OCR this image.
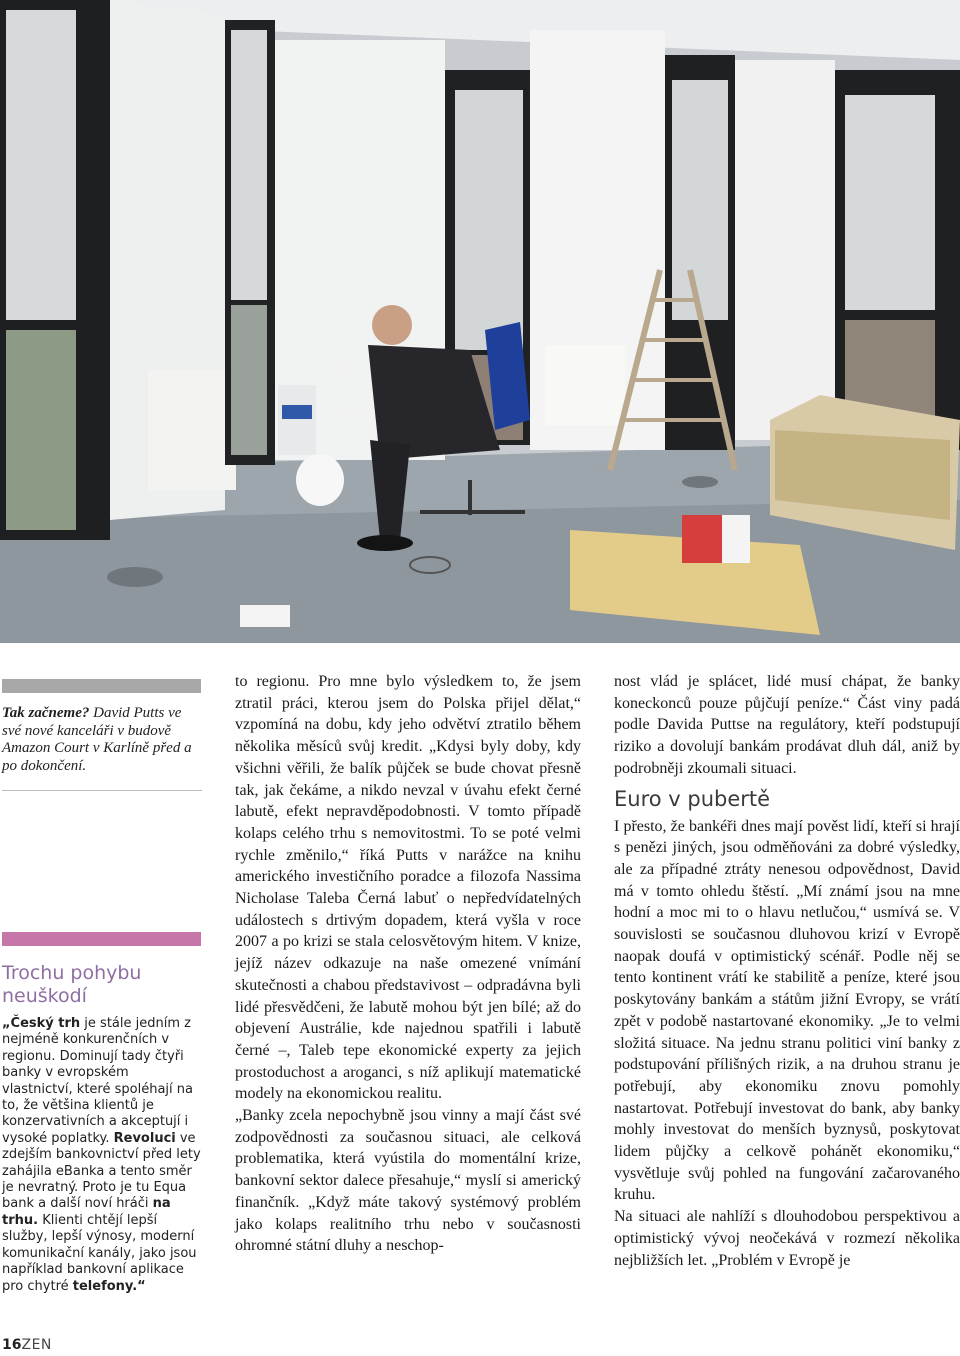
Tak začneme? David Putts ve své nové kanceláři v budově Amazon Court v Karlíně před a po dokončení.
Trochu pohybu neuškodí
„Český trh je stále jedním z nejméně konkurenčních v regionu. Dominují tady čtyři banky v evropském vlastnictví, které spoléhají na to, že většina klientů je konzervativních a akceptují i vysoké poplatky. Revoluci ve zdejším bankovnictví před lety zahájila eBanka a tento směr je nevratný. Proto je tu Equa bank a další noví hráči na trhu. Klienti chtějí lepší služby, lepší výnosy, moderní komunikační kanály, jako jsou například bankovní aplikace pro chytré telefony.“

to regionu. Pro mne bylo výsledkem to, že jsem ztratil práci, kterou jsem do Polska přijel dělat,“ vzpomíná na dobu, kdy jeho odvětví ztratilo během několika měsíců svůj kredit. „Kdysi byly doby, kdy všichni věřili, že balík půjček se bude chovat přesně tak, jak čekáme, a nikdo nevzal v úvahu efekt černé labutě, efekt nepravděpodobnosti. V tomto případě kolaps celého trhu s nemovitostmi. To se poté velmi rychle změnilo,“ říká Putts v narážce na knihu amerického investičního poradce a filozofa Nassima Nicholase Taleba Černá labuť o nepředvídatelných událostech s drtivým dopadem, která vyšla v roce 2007 a po krizi se stala celosvětovým hitem. V knize, jejíž název odkazuje na naše omezené vnímání skutečnosti a chabou představivost – odpradávna byli lidé přesvědčeni, že labutě mohou být jen bílé; až do objevení Austrálie, kde najednou spatřili i labutě černé –, Taleb tepe ekonomické experty za jejich prostoduchost a aroganci, s níž aplikují matematické modely na ekonomickou realitu.

„Banky zcela nepochybně jsou vinny a mají část své zodpovědnosti za současnou situaci, ale celková problematika, která vyústila do momentální krize, bankovní sektor dalece přesahuje,“ myslí si americký finančník. „Když máte takový systémový problém jako kolaps realitního trhu nebo v současnosti ohromné státní dluhy a neschop-

nost vlád je splácet, lidé musí chápat, že banky koneckonců pouze půjčují peníze.“ Část viny padá podle Davida Puttse na regulátory, kteří podstupují riziko a dovolují bankám prodávat dluh dál, aniž by podrobněji zkoumali situaci.

Euro v pubertě

I přesto, že bankéři dnes mají pověst lidí, kteří si hrají s penězi jiných, jsou odměňováni za dobré výsledky, ale za případné ztráty nenesou odpovědnost, David má v tomto ohledu štěstí. „Mí známí jsou na mne hodní a moc mi to o hlavu netlučou,“ usmívá se. V souvislosti se současnou dluhovou krizí v Evropě naopak doufá v optimistický scénář. Podle něj se tento kontinent vrátí ke stabilitě a peníze, které jsou poskytovány bankám a státům jižní Evropy, se vrátí zpět v podobě nastartované ekonomiky. „Je to velmi složitá situace. Na jednu stranu politici viní banky z podstupování přílišných rizik, a na druhou stranu je potřebují, aby ekonomiku znovu pomohly nastartovat. Potřebují investovat do bank, aby banky mohly investovat do menších byznysů, poskytovat lidem půjčky a celkově pohánět ekonomiku,“ vysvětluje svůj pohled na fungování začarovaného kruhu.

Na situaci ale nahlíží s dlouhodobou perspektivou a optimistický vývoj neočekává v rozmezí několika nejbližších let. „Problém v Evropě je

16ZEN
